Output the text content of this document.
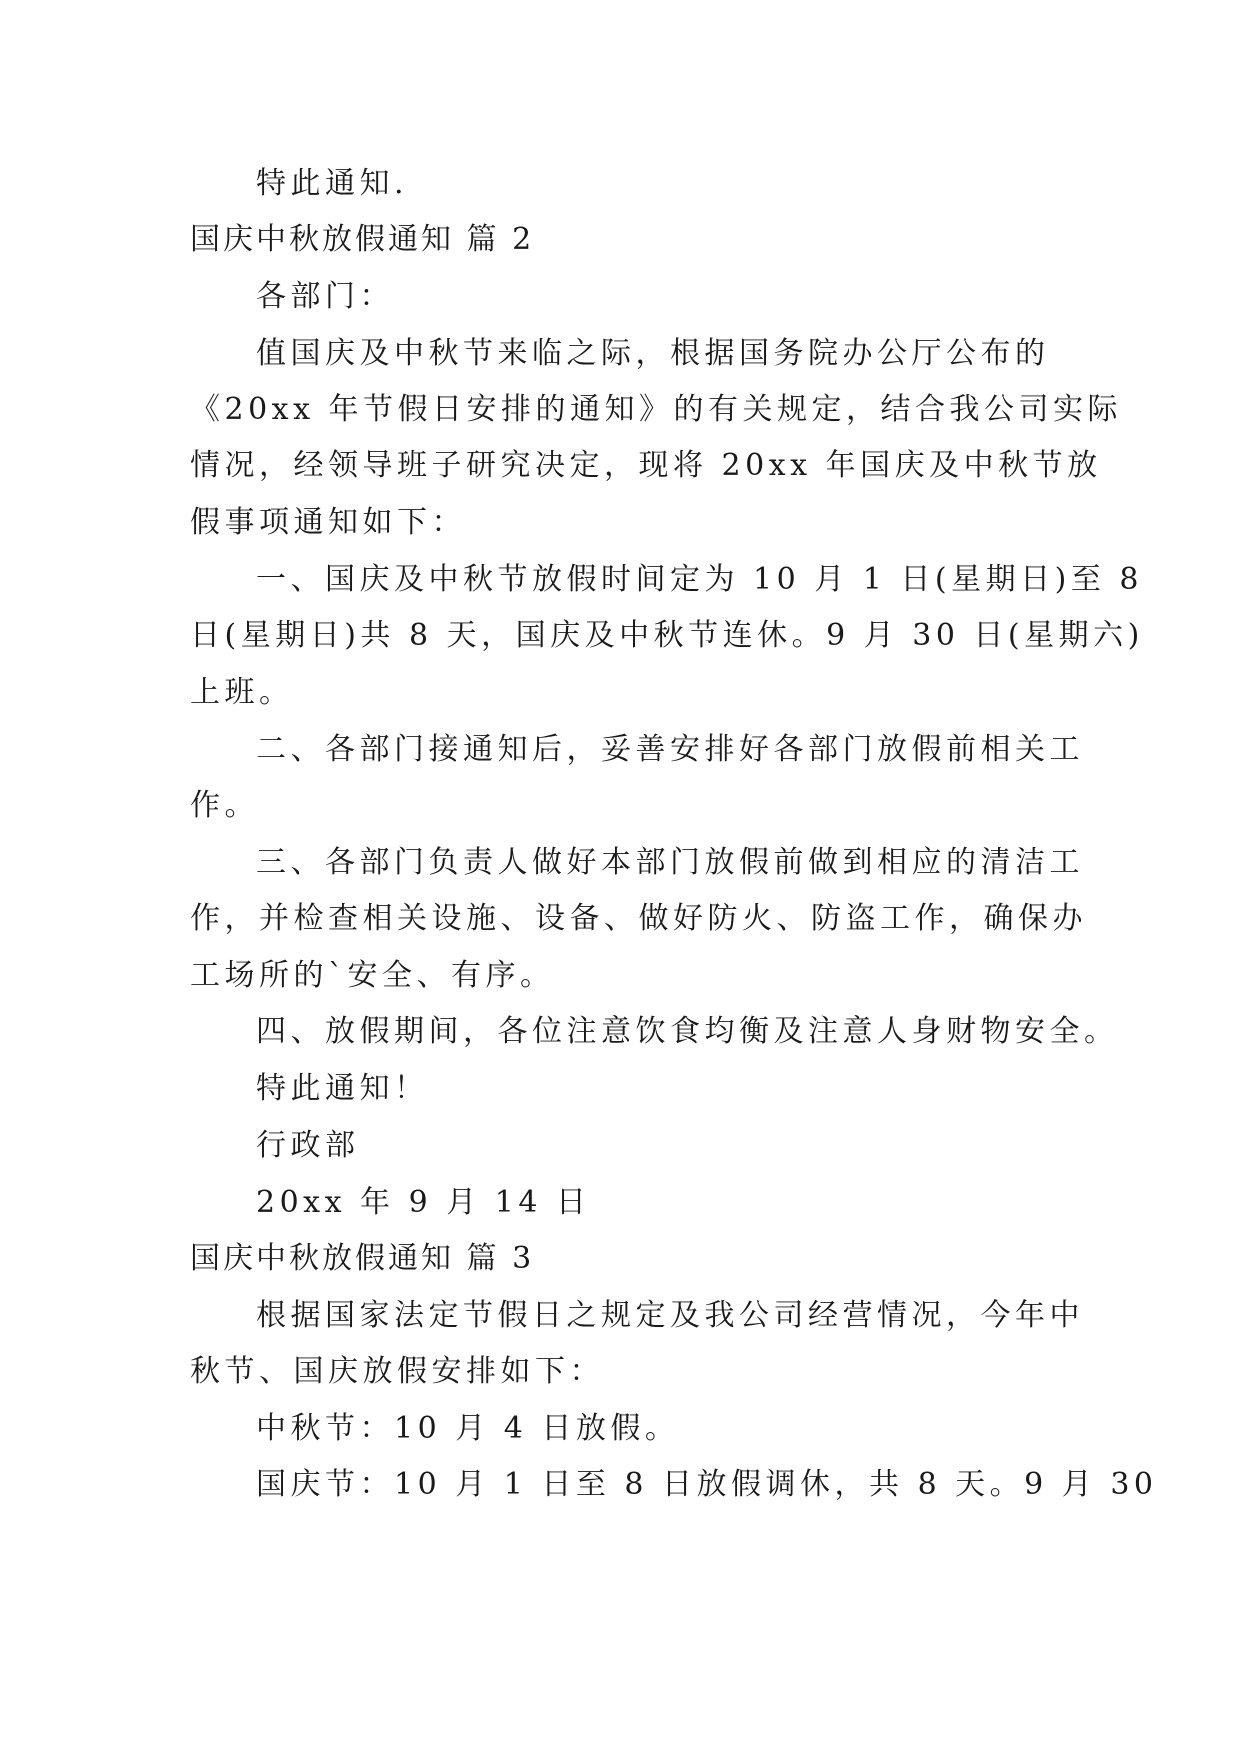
特此通知.
国庆中秋放假通知 篇 2
各部门：
值国庆及中秋节来临之际，根据国务院办公厅公布的
《20xx 年节假日安排的通知》的有关规定，结合我公司实际
情况，经领导班子研究决定，现将 20xx 年国庆及中秋节放
假事项通知如下：
一、国庆及中秋节放假时间定为 10 月 1 日(星期日)至 8
日(星期日)共 8 天，国庆及中秋节连休。9 月 30 日(星期六)
上班。
二、各部门接通知后，妥善安排好各部门放假前相关工
作。
三、各部门负责人做好本部门放假前做到相应的清洁工
作，并检查相关设施、设备、做好防火、防盗工作，确保办
工场所的`安全、有序。
四、放假期间，各位注意饮食均衡及注意人身财物安全。
特此通知！
行政部
20xx 年 9 月 14 日
国庆中秋放假通知 篇 3
根据国家法定节假日之规定及我公司经营情况，今年中
秋节、国庆放假安排如下：
中秋节：10 月 4 日放假。
国庆节：10 月 1 日至 8 日放假调休，共 8 天。9 月 30
